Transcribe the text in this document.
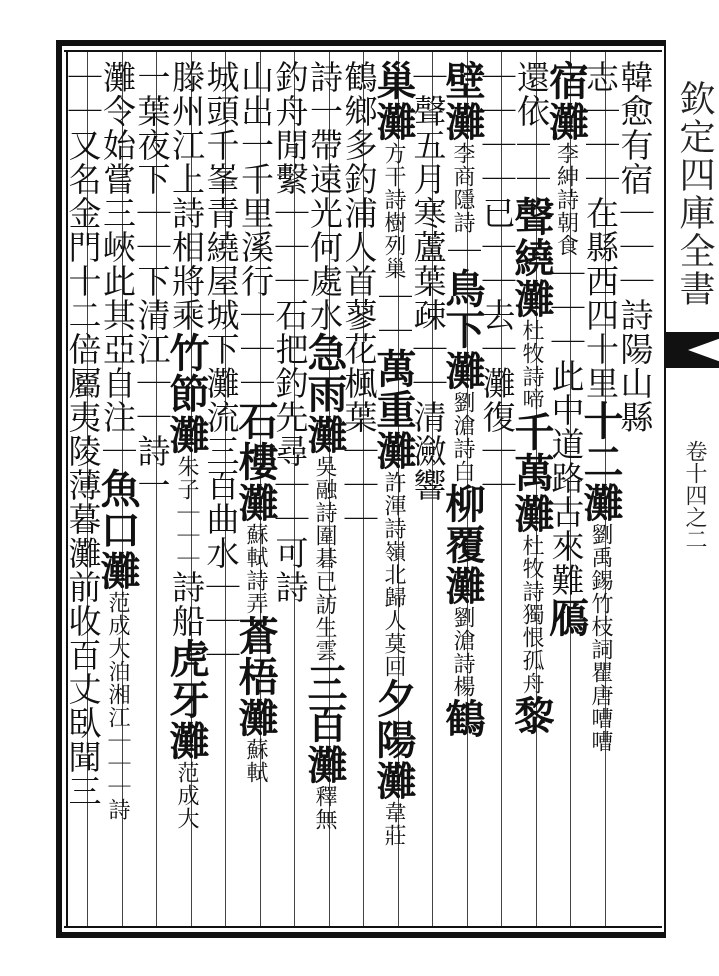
欽定四庫全書
卷十四之二
韓愈有宿｜｜｜詩陽山縣
志｜｜｜在縣西四十里十二灘劉禹錫竹枝詞瞿唐嘈嘈
宿灘李紳詩朝食｜｜｜此中道路古來難鴈
還依｜｜聲繞灘杜牧詩啼千萬灘杜牧詩獨恨孤舟黎
｜｜｜｜已｜｜去｜灘復｜｜
壁灘李商隱詩｜鳥下灘劉滄詩白柳覆灘劉滄詩楊鶴
｜聲五月寒蘆葉疎｜｜清瀲響
巢灘方干詩樹列巢｜｜萬重灘許渾詩嶺北歸人莫回夕陽灘韋莊
鶴鄉多釣浦人首蓼花楓葉｜｜｜
詩一帶遠光何處水急雨灘吳融詩圍碁已訪生雲三百灘釋無
釣舟閒繫｜｜｜石把釣先尋｜｜可詩
山出一千里溪行｜｜｜石樓灘蘇軾詩弄蒼梧灘蘇軾
城頭千峯青繞屋城下灘流三百曲水｜｜｜
滕州江上詩相將乘竹節灘朱子｜｜｜詩船虎牙灘范成大
一葉夜下｜｜下清江｜｜詩一
灘令始嘗三峽此其亞自注｜魚口灘范成大泊湘江｜｜｜詩
｜｜又名金門十二倍屬夷陵薄暮灘前收百丈臥聞三
